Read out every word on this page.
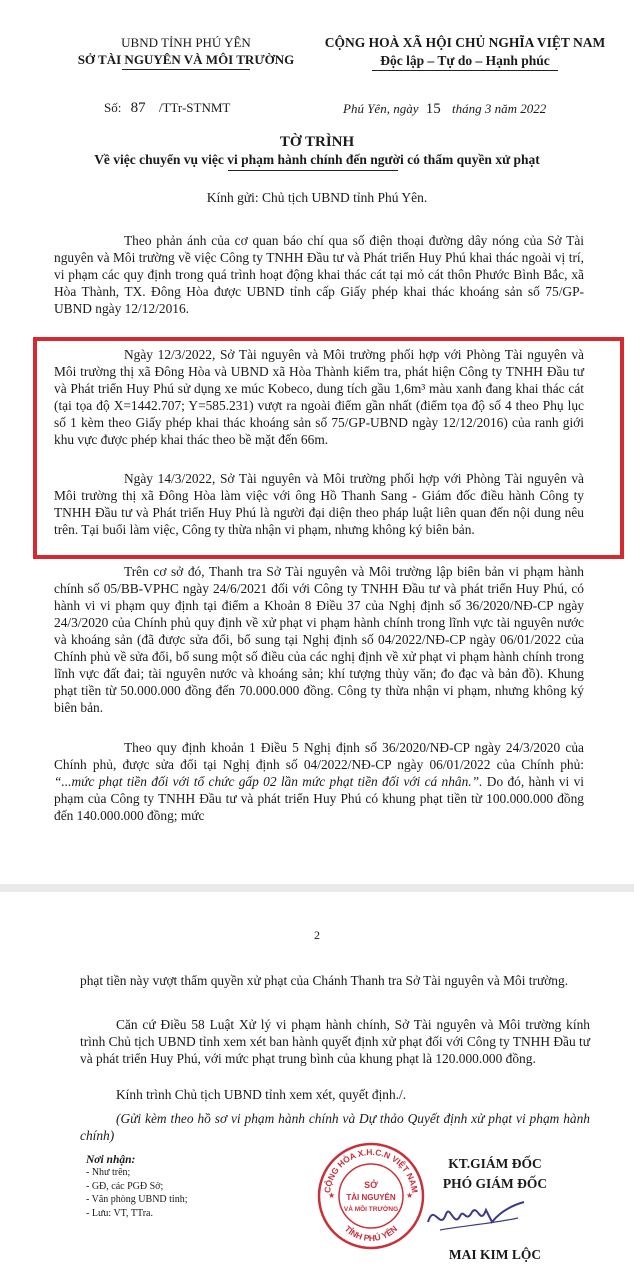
UBND TỈNH PHÚ YÊN
SỞ TÀI NGUYÊN VÀ MÔI TRƯỜNG
Số: 87 /TTr-STNMT
CỘNG HOÀ XÃ HỘI CHỦ NGHĨA VIỆT NAM
Độc lập – Tự do – Hạnh phúc
Phú Yên, ngày 15 tháng 3 năm 2022
TỜ TRÌNH
Về việc chuyển vụ việc vi phạm hành chính đến người có thẩm quyền xử phạt
Kính gửi: Chủ tịch UBND tỉnh Phú Yên.
Theo phản ánh của cơ quan báo chí qua số điện thoại đường dây nóng của Sở Tài nguyên và Môi trường về việc Công ty TNHH Đầu tư và Phát triển Huy Phú khai thác ngoài vị trí, vi phạm các quy định trong quá trình hoạt động khai thác cát tại mỏ cát thôn Phước Bình Bắc, xã Hòa Thành, TX. Đông Hòa được UBND tỉnh cấp Giấy phép khai thác khoáng sản số 75/GP-UBND ngày 12/12/2016.
Ngày 12/3/2022, Sở Tài nguyên và Môi trường phối hợp với Phòng Tài nguyên và Môi trường thị xã Đông Hòa và UBND xã Hòa Thành kiểm tra, phát hiện Công ty TNHH Đầu tư và Phát triển Huy Phú sử dụng xe múc Kobeco, dung tích gầu 1,6m³ màu xanh đang khai thác cát (tại tọa độ X=1442.707; Y=585.231) vượt ra ngoài điểm gần nhất (điểm tọa độ số 4 theo Phụ lục số 1 kèm theo Giấy phép khai thác khoáng sản số 75/GP-UBND ngày 12/12/2016) của ranh giới khu vực được phép khai thác theo bề mặt đến 66m.
Ngày 14/3/2022, Sở Tài nguyên và Môi trường phối hợp với Phòng Tài nguyên và Môi trường thị xã Đông Hòa làm việc với ông Hồ Thanh Sang - Giám đốc điều hành Công ty TNHH Đầu tư và Phát triển Huy Phú là người đại diện theo pháp luật liên quan đến nội dung nêu trên. Tại buổi làm việc, Công ty thừa nhận vi phạm, nhưng không ký biên bản.
Trên cơ sở đó, Thanh tra Sở Tài nguyên và Môi trường lập biên bản vi phạm hành chính số 05/BB-VPHC ngày 24/6/2021 đối với Công ty TNHH Đầu tư và phát triển Huy Phú, có hành vi vi phạm quy định tại điểm a Khoản 8 Điều 37 của Nghị định số 36/2020/NĐ-CP ngày 24/3/2020 của Chính phủ quy định về xử phạt vi phạm hành chính trong lĩnh vực tài nguyên nước và khoáng sản (đã được sửa đổi, bổ sung tại Nghị định số 04/2022/NĐ-CP ngày 06/01/2022 của Chính phủ về sửa đổi, bổ sung một số điều của các nghị định về xử phạt vi phạm hành chính trong lĩnh vực đất đai; tài nguyên nước và khoáng sản; khí tượng thủy văn; đo đạc và bản đồ). Khung phạt tiền từ 50.000.000 đồng đến 70.000.000 đồng. Công ty thừa nhận vi phạm, nhưng không ký biên bản.
Theo quy định khoản 1 Điều 5 Nghị định số 36/2020/NĐ-CP ngày 24/3/2020 của Chính phủ, được sửa đổi tại Nghị định số 04/2022/NĐ-CP ngày 06/01/2022 của Chính phủ: “...mức phạt tiền đối với tổ chức gấp 02 lần mức phạt tiền đối với cá nhân.”. Do đó, hành vi vi phạm của Công ty TNHH Đầu tư và phát triển Huy Phú có khung phạt tiền từ 100.000.000 đồng đến 140.000.000 đồng; mức
2
phạt tiền này vượt thẩm quyền xử phạt của Chánh Thanh tra Sở Tài nguyên và Môi trường.
Căn cứ Điều 58 Luật Xử lý vi phạm hành chính, Sở Tài nguyên và Môi trường kính trình Chủ tịch UBND tỉnh xem xét ban hành quyết định xử phạt đối với Công ty TNHH Đầu tư và phát triển Huy Phú, với mức phạt trung bình của khung phạt là 120.000.000 đồng.
Kính trình Chủ tịch UBND tỉnh xem xét, quyết định./.
(Gửi kèm theo hồ sơ vi phạm hành chính và Dự thảo Quyết định xử phạt vi phạm hành chính)
Nơi nhận:
- Như trên;
- GĐ, các PGĐ Sở;
- Văn phòng UBND tỉnh;
- Lưu: VT, TTra.
KT.GIÁM ĐỐC
PHÓ GIÁM ĐỐC
MAI KIM LỘC
CỘNG HÒA X.H.C.N VIỆT NAM
TỈNH PHÚ YÊN
SỞ
TÀI NGUYÊN
VÀ MÔI TRƯỜNG
★	★
